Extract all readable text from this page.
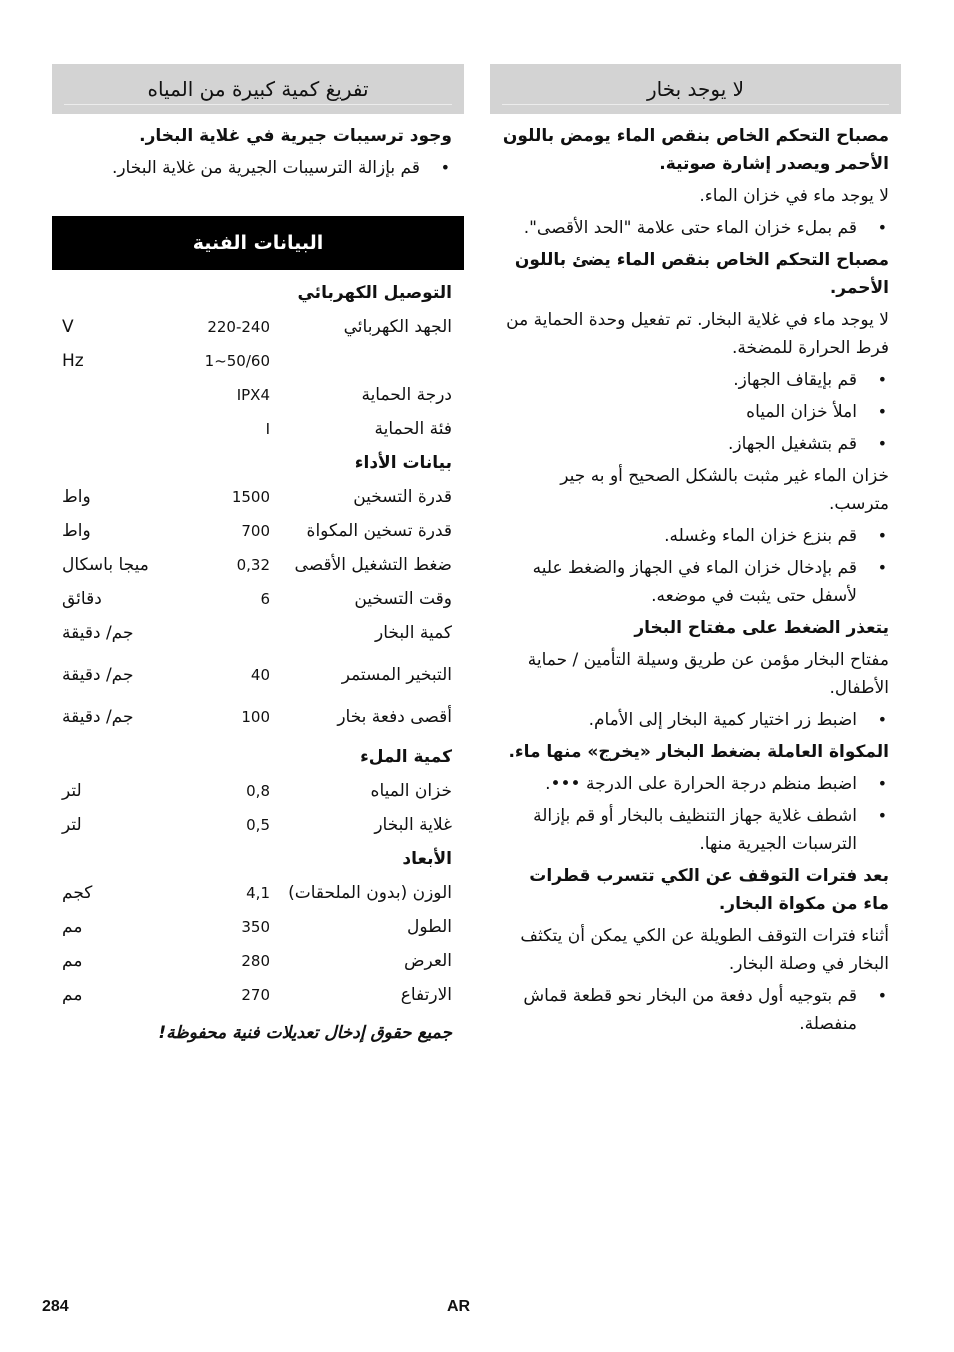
لا يوجد بخار

مصباح التحكم الخاص بنقص الماء يومض باللون الأحمر ويصدر إشارة صوتية.

لا يوجد ماء في خزان الماء.

• قم بملء خزان الماء حتى علامة "الحد الأقصى".

مصباح التحكم الخاص بنقص الماء يضئ باللون الأحمر.

لا يوجد ماء في غلاية البخار. تم تفعيل وحدة الحماية من فرط الحرارة للمضخة.

• قم بإيقاف الجهاز.
• املأ خزان المياه
• قم بتشغيل الجهاز.

خزان الماء غير مثبت بالشكل الصحيح أو به جير مترسب.

• قم بنزع خزان الماء وغسله.
• قم بإدخال خزان الماء في الجهاز والضغط عليه لأسفل حتى يثبت في موضعه.

يتعذر الضغط على مفتاح البخار

مفتاح البخار مؤمن عن طريق وسيلة التأمين / حماية الأطفال.

• اضبط زر اختيار كمية البخار إلى الأمام.

المكواة العاملة بضغط البخار «يخرج» منها ماء.

• اضبط منظم درجة الحرارة على الدرجة •••.
• اشطف غلاية جهاز التنظيف بالبخار أو قم بإزالة الترسبات الجيرية منها.

بعد فترات التوقف عن الكي تتسرب قطرات ماء من مكواة البخار.

أثناء فترات التوقف الطويلة عن الكي يمكن أن يتكثف البخار في وصلة البخار.

• قم بتوجيه أول دفعة من البخار نحو قطعة قماش منفصلة.
تفريغ كمية كبيرة من المياه

وجود ترسيبات جيرية في غلاية البخار.

• قم بإزالة الترسيبات الجيرية من غلاية البخار.
البيانات الفنية
التوصيل الكهربائي		
الجهد الكهربائي	220-240	V
	1~50/60	Hz
درجة الحماية	IPX4	
فئة الحماية	I	
بيانات الأداء		
قدرة التسخين	1500	واط
قدرة تسخين المكواة	700	واط
ضغط التشغيل الأقصى	0,32	ميجا باسكال
وقت التسخين	6	دقائق
كمية البخار		جم/ دقيقة
التبخير المستمر	40	جم/ دقيقة
أقصى دفعة بخار	100	جم/ دقيقة
كمية الملء		
خزان المياه	0,8	لتر
غلاية البخار	0,5	لتر
الأبعاد		
الوزن (بدون الملحقات)	4,1	كجم
الطول	350	مم
العرض	280	مم
الارتفاع	270	مم
جميع حقوق إدخال تعديلات فنية محفوظة!
284	AR
